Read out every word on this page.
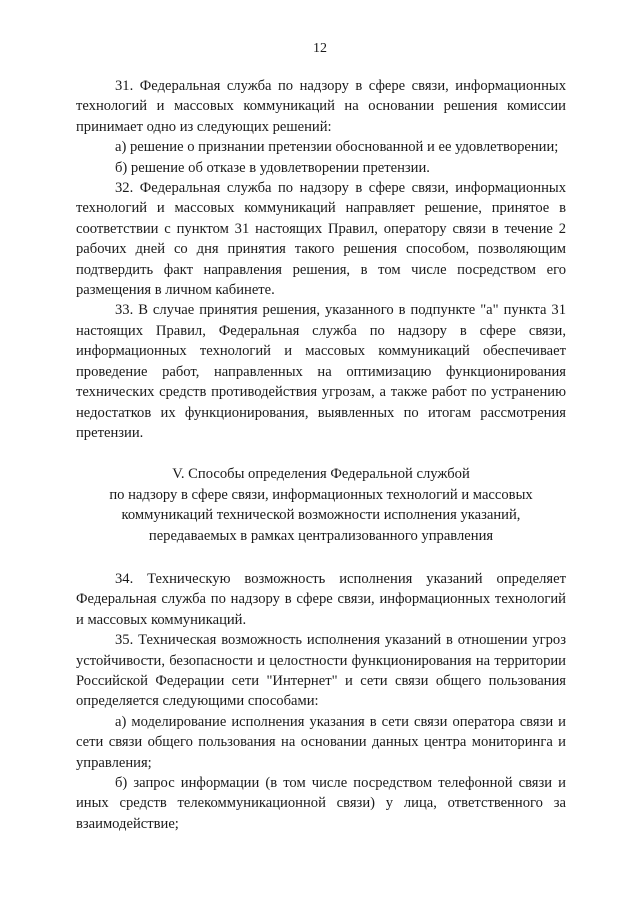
12

31. Федеральная служба по надзору в сфере связи, информационных технологий и массовых коммуникаций на основании решения комиссии принимает одно из следующих решений:

а) решение о признании претензии обоснованной и ее удовлетворении;

б) решение об отказе в удовлетворении претензии.

32. Федеральная служба по надзору в сфере связи, информационных технологий и массовых коммуникаций направляет решение, принятое в соответствии с пунктом 31 настоящих Правил, оператору связи в течение 2 рабочих дней со дня принятия такого решения способом, позволяющим подтвердить факт направления решения, в том числе посредством его размещения в личном кабинете.

33. В случае принятия решения, указанного в подпункте "а" пункта 31 настоящих Правил, Федеральная служба по надзору в сфере связи, информационных технологий и массовых коммуникаций обеспечивает проведение работ, направленных на оптимизацию функционирования технических средств противодействия угрозам, а также работ по устранению недостатков их функционирования, выявленных по итогам рассмотрения претензии.

V. Способы определения Федеральной службой
по надзору в сфере связи, информационных технологий и массовых
коммуникаций технической возможности исполнения указаний,
передаваемых в рамках централизованного управления

34. Техническую возможность исполнения указаний определяет Федеральная служба по надзору в сфере связи, информационных технологий и массовых коммуникаций.

35. Техническая возможность исполнения указаний в отношении угроз устойчивости, безопасности и целостности функционирования на территории Российской Федерации сети "Интернет" и сети связи общего пользования определяется следующими способами:

а) моделирование исполнения указания в сети связи оператора связи и сети связи общего пользования на основании данных центра мониторинга и управления;

б) запрос информации (в том числе посредством телефонной связи и иных средств телекоммуникационной связи) у лица, ответственного за взаимодействие;
